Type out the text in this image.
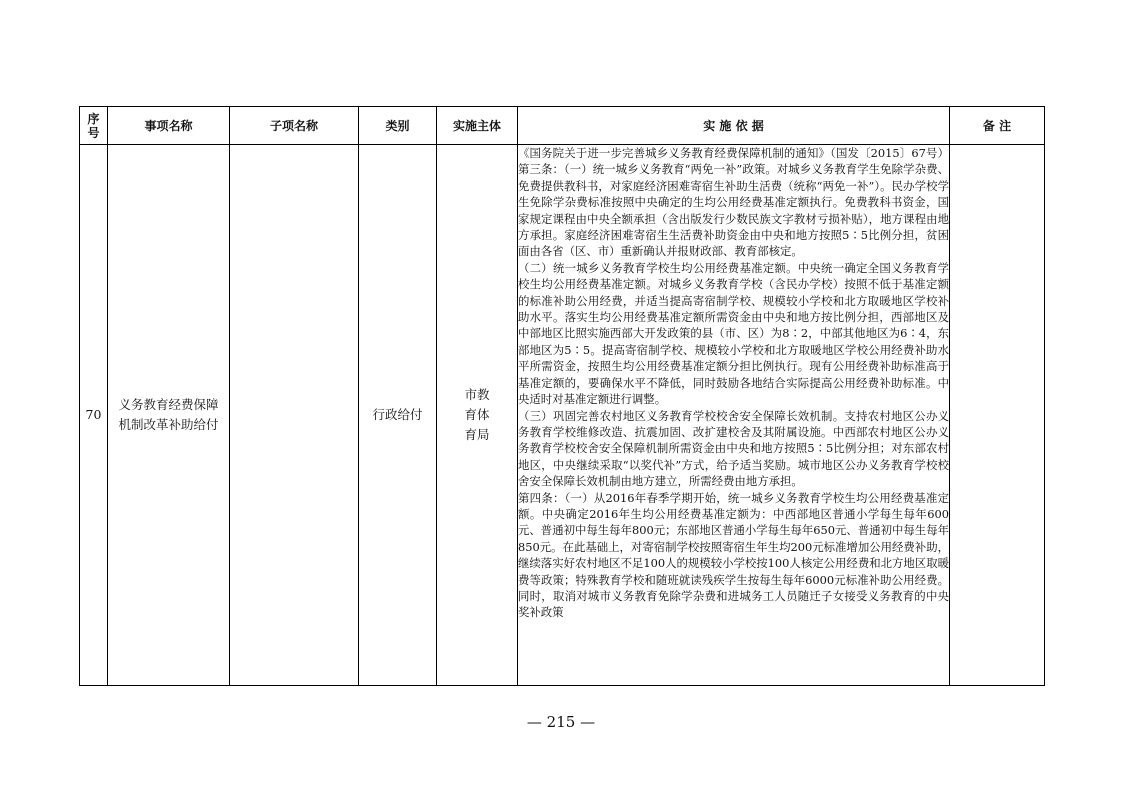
序号	事项名称	子项名称	类别	实施主体	实 施 依 据	备 注
70	义务教育经费保障机制改革补助给付		行政给付	市教育体育局	《国务院关于进一步完善城乡义务教育经费保障机制的通知》（国发〔2015〕67号）第三条：（一）统一城乡义务教育“两免一补”政策。对城乡义务教育学生免除学杂费、免费提供教科书，对家庭经济困难寄宿生补助生活费（统称“两免一补”）。民办学校学生免除学杂费标准按照中央确定的生均公用经费基准定额执行。免费教科书资金，国家规定课程由中央全额承担（含出版发行少数民族文字教材亏损补贴），地方课程由地方承担。家庭经济困难寄宿生生活费补助资金由中央和地方按照5∶5比例分担，贫困面由各省（区、市）重新确认并报财政部、教育部核定。
（二）统一城乡义务教育学校生均公用经费基准定额。中央统一确定全国义务教育学校生均公用经费基准定额。对城乡义务教育学校（含民办学校）按照不低于基准定额的标准补助公用经费，并适当提高寄宿制学校、规模较小学校和北方取暖地区学校补助水平。落实生均公用经费基准定额所需资金由中央和地方按比例分担，西部地区及中部地区比照实施西部大开发政策的县（市、区）为8∶2，中部其他地区为6∶4，东部地区为5∶5。提高寄宿制学校、规模较小学校和北方取暖地区学校公用经费补助水平所需资金，按照生均公用经费基准定额分担比例执行。现有公用经费补助标准高于基准定额的，要确保水平不降低，同时鼓励各地结合实际提高公用经费补助标准。中央适时对基准定额进行调整。
（三）巩固完善农村地区义务教育学校校舍安全保障长效机制。支持农村地区公办义务教育学校维修改造、抗震加固、改扩建校舍及其附属设施。中西部农村地区公办义务教育学校校舍安全保障机制所需资金由中央和地方按照5∶5比例分担；对东部农村地区，中央继续采取“以奖代补”方式，给予适当奖励。城市地区公办义务教育学校校舍安全保障长效机制由地方建立，所需经费由地方承担。
第四条：（一）从2016年春季学期开始，统一城乡义务教育学校生均公用经费基准定额。中央确定2016年生均公用经费基准定额为：中西部地区普通小学每生每年600元、普通初中每生每年800元；东部地区普通小学每生每年650元、普通初中每生每年850元。在此基础上，对寄宿制学校按照寄宿生年生均200元标准增加公用经费补助，继续落实好农村地区不足100人的规模较小学校按100人核定公用经费和北方地区取暖费等政策；特殊教育学校和随班就读残疾学生按每生每年6000元标准补助公用经费。同时，取消对城市义务教育免除学杂费和进城务工人员随迁子女接受义务教育的中央奖补政策	

— 215 —
